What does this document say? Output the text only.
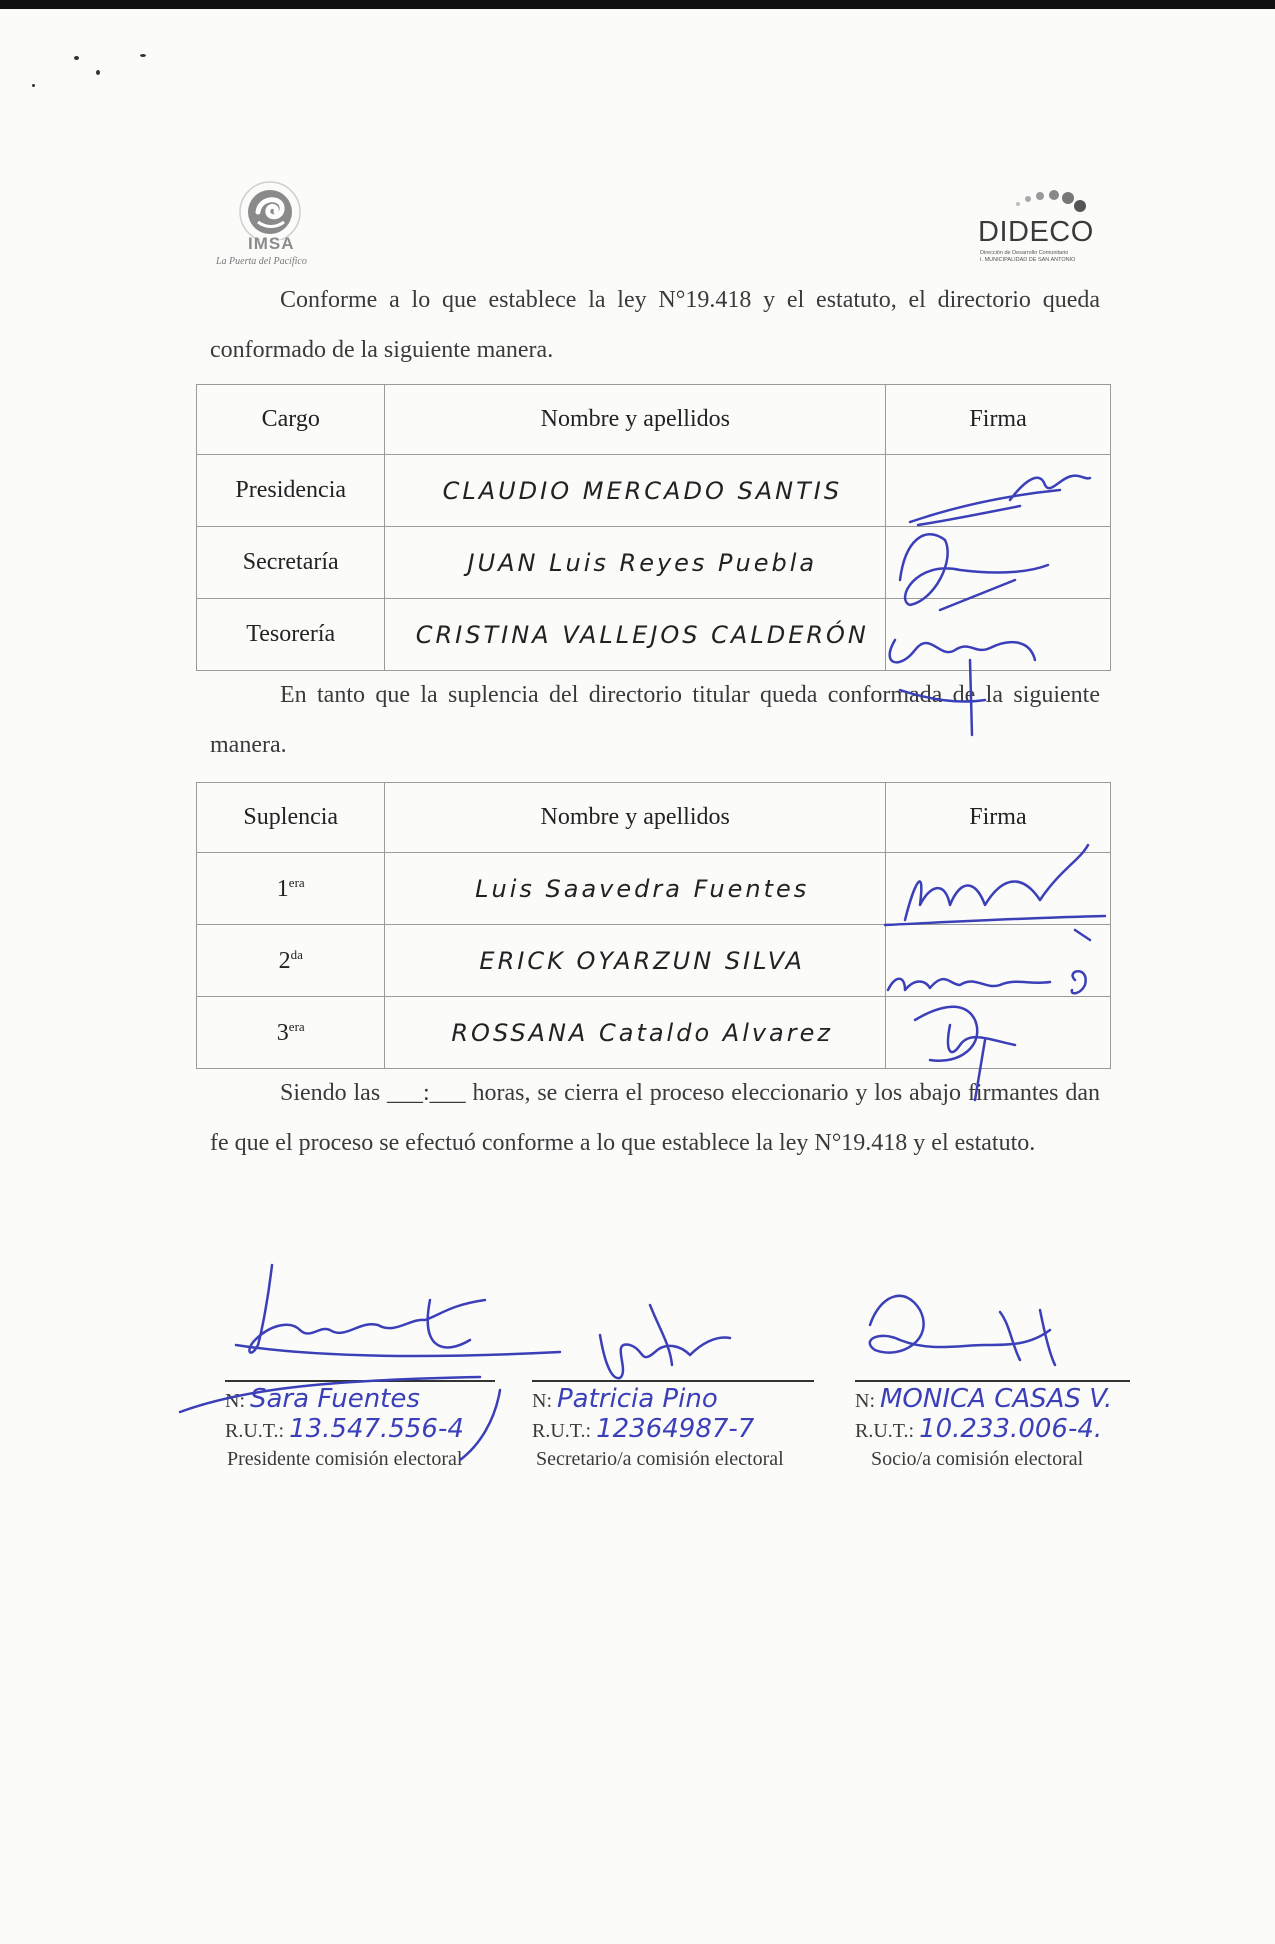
IMSA
La Puerta del Pacífico
DIDECO
Dirección de Desarrollo Comunitario
I. MUNICIPALIDAD DE SAN ANTONIO
Conforme a lo que establece la ley N°19.418 y el estatuto, el directorio queda conformado de la siguiente manera.
Cargo	Nombre y apellidos	Firma
Presidencia	CLAUDIO MERCADO SANTIS	
Secretaría	JUAN Luis Reyes Puebla	
Tesorería	CRISTINA VALLEJOS CALDERÓN	
En tanto que la suplencia del directorio titular queda conformada de la siguiente manera.
Suplencia	Nombre y apellidos	Firma
$1^{era}$	Luis Saavedra Fuentes	
$2^{da}$	ERICK OYARZUN SILVA	
$3^{era}$	ROSSANA Cataldo Alvarez	
Siendo las ___:___ horas, se cierra el proceso eleccionario y los abajo firmantes dan fe que el proceso se efectuó conforme a lo que establece la ley N°19.418 y el estatuto.
N: Sara Fuentes
R.U.T.: 13.547.556-4
Presidente comisión electoral
N: Patricia Pino
R.U.T.: 12364987-7
Secretario/a comisión electoral
N: MONICA CASAS V.
R.U.T.: 10.233.006-4.
Socio/a comisión electoral
